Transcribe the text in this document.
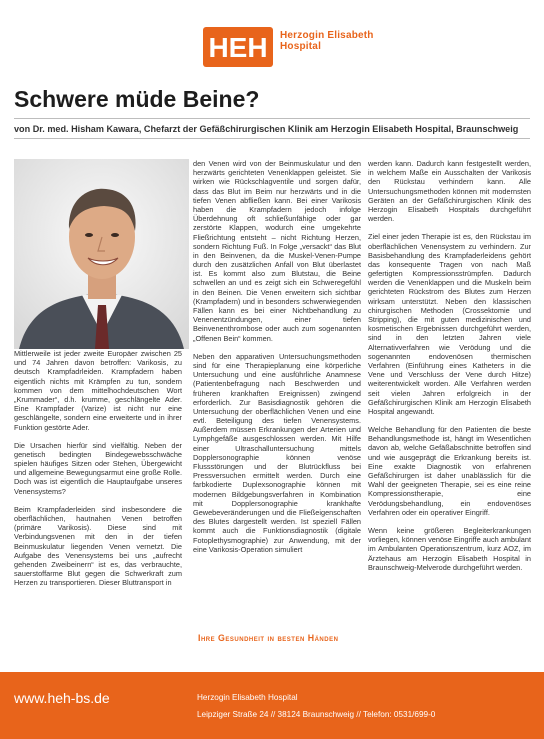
HEH Herzogin Elisabeth
Hospital
Schwere müde Beine?
von Dr. med. Hisham Kawara, Chefarzt der Gefäßchirurgischen Klinik am Herzogin Elisabeth Hospital, Braunschweig

Mittlerweile ist jeder zweite Europäer zwischen 25 und 74 Jahren davon betroffen: Varikosis, zu deutsch Krampfadrleiden. Krampfadern haben eigentlich nichts mit Krämpfen zu tun, sondern kommen von dem mittelhochdeutschen Wort „Krummader“, d.h. krumme, geschlängelte Ader. Eine Krampfader (Varize) ist nicht nur eine geschlängelte, sondern eine erweiterte und in ihrer Funktion gestörte Ader.

Die Ursachen hierfür sind vielfältig. Neben der genetisch bedingten Bindegewebsschwäche spielen häufiges Sitzen oder Stehen, Übergewicht und allgemeine Bewegungsarmut eine große Rolle. Doch was ist eigentlich die Hauptaufgabe unseres Venensystems?

Beim Krampfaderleiden sind insbesondere die oberflächlichen, hautnahen Venen betroffen (primäre Varikosis). Diese sind mit Verbindungsvenen mit den in der tiefen Beinmuskulatur liegenden Venen vernetzt. Die Aufgabe des Venensystems bei uns „aufrecht gehenden Zweibeinern“ ist es, das verbrauchte, sauerstoffarme Blut gegen die Schwerkraft zum Herzen zu transportieren. Dieser Bluttransport in

den Venen wird von der Beinmuskulatur und den herzwärts gerichteten Venenklappen geleistet. Sie wirken wie Rückschlagventile und sorgen dafür, dass das Blut im Beim nur herzwärts und in die tiefen Venen abfließen kann. Bei einer Varikosis haben die Krampfadern jedoch infolge Überdehnung oft schließunfähige oder gar zerstörte Klappen, wodurch eine umgekehrte Fließrichtung entsteht – nicht Richtung Herzen, sondern Richtung Fuß. In Folge „versackt“ das Blut in den Beinvenen, da die Muskel-Venen-Pumpe durch den zusätzlichen Anfall von Blut überlastet ist. Es kommt also zum Blutstau, die Beine schwellen an und es zeigt sich ein Schweregefühl in den Beinen. Die Venen erweitern sich sichtbar (Krampfadern) und in besonders schwerwiegenden Fällen kann es bei einer Nichtbehandlung zu Venenentzündungen, einer tiefen Beinvenenthrombose oder auch zum sogenannten „Offenen Bein“ kommen.

Neben den apparativen Untersuchungsmethoden sind für eine Therapieplanung eine körperliche Untersuchung und eine ausführliche Anamnese (Patientenbefragung nach Beschwerden und früheren krankhaften Ereignissen) zwingend erforderlich. Zur Basisdiagnostik gehören die Untersuchung der oberflächlichen Venen und eine evtl. Beteiligung des tiefen Venensystems. Außerdem müssen Erkrankungen der Arterien und Lymphgefäße ausgeschlossen werden. Mit Hilfe einer Ultraschalluntersuchung mittels Dopplersonographie können venöse Flussstörungen und der Blutrückfluss bei Pressversuchen ermittelt werden. Durch eine farbkodierte Duplexsonographie können mit modernen Bildgebungsverfahren in Kombination mit Dopplersonographie krankhafte Gewebeveränderungen und die Fließeigenschaften des Blutes dargestellt werden. Ist speziell Fällen kommt auch die Funktionsdiagnostik (digitale Fotoplethysmographie) zur Anwendung, mit der eine Varikosis-Operation simuliert

werden kann. Dadurch kann festgestellt werden, in welchem Maße ein Ausschalten der Varikosis den Rückstau verhindern kann. Alle Untersuchungsmethoden können mit modernsten Geräten an der Gefäßchirurgischen Klinik des Herzogin Elisabeth Hospitals durchgeführt werden.

Ziel einer jeden Therapie ist es, den Rückstau im oberflächlichen Venensystem zu verhindern. Zur Basisbehandlung des Krampfaderleidens gehört das konsequente Tragen von nach Maß gefertigten Kompressionsstrümpfen. Dadurch werden die Venenklappen und die Muskeln beim gerichteten Rückstrom des Blutes zum Herzen wirksam unterstützt. Neben den klassischen chirurgischen Methoden (Crossektomie und Stripping), die mit guten medizinischen und kosmetischen Ergebnissen durchgeführt werden, sind in den letzten Jahren viele Alternativverfahren wie Verödung und die sogenannten endovenösen thermischen Verfahren (Einführung eines Katheters in die Vene und Verschluss der Vene durch Hitze) weiterentwickelt worden. Alle Verfahren werden seit vielen Jahren erfolgreich in der Gefäßchirurgischen Klinik am Herzogin Elisabeth Hospital angewandt.

Welche Behandlung für den Patienten die beste Behandlungsmethode ist, hängt im Wesentlichen davon ab, welche Gefäßabschnitte betroffen sind und wie ausgeprägt die Erkrankung bereits ist. Eine exakte Diagnostik von erfahrenen Gefäßchirurgen ist daher unablässlich für die Wahl der geeigneten Therapie, sei es eine reine Kompressionstherapie, eine Verödungsbehandlung, ein endovenöses Verfahren oder ein operativer Eingriff.

Wenn keine größeren Begleiterkrankungen vorliegen, können venöse Eingriffe auch ambulant im Ambulanten Operationszentrum, kurz AOZ, im Ärztehaus am Herzogin Elisabeth Hospital in Braunschweig-Melverode durchgeführt werden.

Ihre Gesundheit in besten Händen
www.heh-bs.de	Herzogin Elisabeth Hospital
Leipziger Straße 24 // 38124 Braunschweig // Telefon: 0531/699-0
